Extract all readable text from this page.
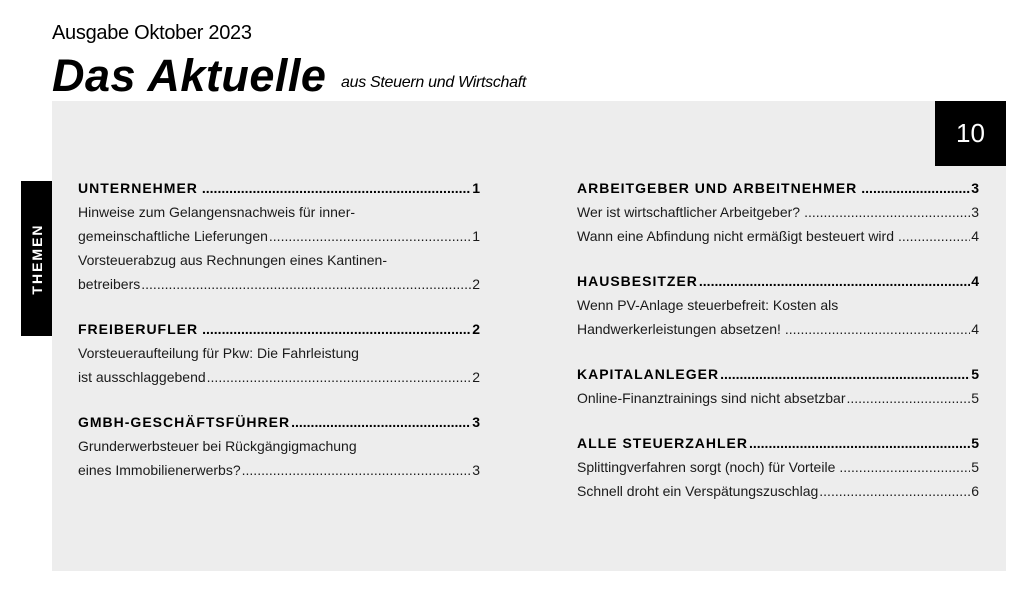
Ausgabe Oktober 2023
Das Aktuelle aus Steuern und Wirtschaft
10
THEMEN
UNTERNEHMER .....	1
Hinweise zum Gelangensnachweis für inner-
gemeinschaftliche Lieferungen .....	1
Vorsteuerabzug aus Rechnungen eines Kantinen-
betreibers .....	2
FREIBERUFLER .....	2
Vorsteueraufteilung für Pkw: Die Fahrleistung
ist ausschlaggebend .....	2
GMBH-GESCHÄFTSFÜHRER .....	3
Grunderwerbsteuer bei Rückgängigmachung
eines Immobilienerwerbs? .....	3
ARBEITGEBER UND ARBEITNEHMER .....	3
Wer ist wirtschaftlicher Arbeitgeber? .....	3
Wann eine Abfindung nicht ermäßigt besteuert wird .....	4
HAUSBESITZER .....	4
Wenn PV-Anlage steuerbefreit: Kosten als
Handwerkerleistungen absetzen! .....	4
KAPITALANLEGER .....	5
Online-Finanztrainings sind nicht absetzbar .....	5
ALLE STEUERZAHLER .....	5
Splittingverfahren sorgt (noch) für Vorteile .....	5
Schnell droht ein Verspätungszuschlag .....	6
